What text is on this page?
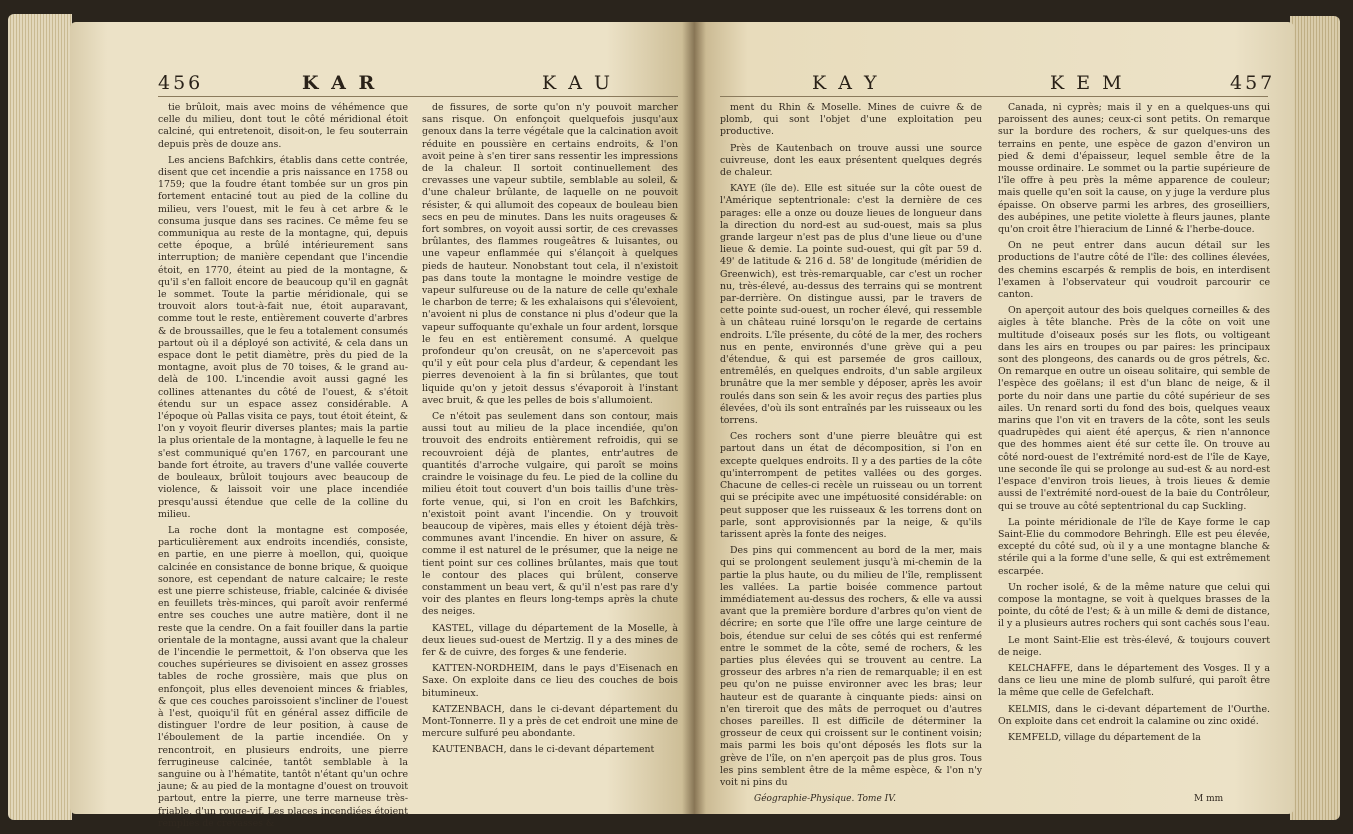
456	K A R	K A U

tie brûloit, mais avec moins de véhémence que celle du milieu, dont tout le côté méridional étoit calciné, qui entretenoit, disoit-on, le feu souterrain depuis près de douze ans.

Les anciens Bafchkirs, établis dans cette contrée, disent que cet incendie a pris naissance en 1758 ou 1759; que la foudre étant tombée sur un gros pin fortement entaciné tout au pied de la colline du milieu, vers l'ouest, mit le feu à cet arbre & le consuma jusque dans ses racines. Ce même feu se communiqua au reste de la montagne, qui, depuis cette époque, a brûlé intérieurement sans interruption; de manière cependant que l'incendie étoit, en 1770, éteint au pied de la montagne, & qu'il s'en falloit encore de beaucoup qu'il en gagnât le sommet. Toute la partie méridionale, qui se trouvoit alors tout-à-fait nue, étoit auparavant, comme tout le reste, entièrement couverte d'arbres & de broussailles, que le feu a totalement consumés partout où il a déployé son activité, & cela dans un espace dont le petit diamètre, près du pied de la montagne, avoit plus de 70 toises, & le grand au-delà de 100. L'incendie avoit aussi gagné les collines attenantes du côté de l'ouest, & s'étoit étendu sur un espace assez considérable. A l'époque où Pallas visita ce pays, tout étoit éteint, & l'on y voyoit fleurir diverses plantes; mais la partie la plus orientale de la montagne, à laquelle le feu ne s'est communiqué qu'en 1767, en parcourant une bande fort étroite, au travers d'une vallée couverte de bouleaux, brûloit toujours avec beaucoup de violence, & laissoit voir une place incendiée presqu'aussi étendue que celle de la colline du milieu.

La roche dont la montagne est composée, particulièrement aux endroits incendiés, consiste, en partie, en une pierre à moellon, qui, quoique calcinée en consistance de bonne brique, & quoique sonore, est cependant de nature calcaire; le reste est une pierre schisteuse, friable, calcinée & divisée en feuillets très-minces, qui paroît avoir renfermé entre ses couches une autre matière, dont il ne reste que la cendre. On a fait fouiller dans la partie orientale de la montagne, aussi avant que la chaleur de l'incendie le permettoit, & l'on observa que les couches supérieures se divisoient en assez grosses tables de roche grossière, mais que plus on enfonçoit, plus elles devenoient minces & friables, & que ces couches paroissoient s'incliner de l'ouest à l'est, quoiqu'il fût en général assez difficile de distinguer l'ordre de leur position, à cause de l'éboulement de la partie incendiée. On y rencontroit, en plusieurs endroits, une pierre ferrugineuse calcinée, tantôt semblable à la sanguine ou à l'hématite, tantôt n'étant qu'un ochre jaune; & au pied de la montagne d'ouest on trouvoit partout, entre la pierre, une terre marneuse très-friable, d'un rouge-vif. Les places incendiées étoient remplies de crevasses &

de fissures, de sorte qu'on n'y pouvoit marcher sans risque. On enfonçoit quelquefois jusqu'aux genoux dans la terre végétale que la calcination avoit réduite en poussière en certains endroits, & l'on avoit peine à s'en tirer sans ressentir les impressions de la chaleur. Il sortoit continuellement des crevasses une vapeur subtile, semblable au soleil, & d'une chaleur brûlante, de laquelle on ne pouvoit résister, & qui allumoit des copeaux de bouleau bien secs en peu de minutes. Dans les nuits orageuses & fort sombres, on voyoit aussi sortir, de ces crevasses brûlantes, des flammes rougeâtres & luisantes, ou une vapeur enflammée qui s'élançoit à quelques pieds de hauteur. Nonobstant tout cela, il n'existoit pas dans toute la montagne le moindre vestige de vapeur sulfureuse ou de la nature de celle qu'exhale le charbon de terre; & les exhalaisons qui s'élevoient, n'avoient ni plus de constance ni plus d'odeur que la vapeur suffoquante qu'exhale un four ardent, lorsque le feu en est entièrement consumé. A quelque profondeur qu'on creusât, on ne s'apercevoit pas qu'il y eût pour cela plus d'ardeur, & cependant les pierres devenoient à la fin si brûlantes, que tout liquide qu'on y jetoit dessus s'évaporoit à l'instant avec bruit, & que les pelles de bois s'allumoient.

Ce n'étoit pas seulement dans son contour, mais aussi tout au milieu de la place incendiée, qu'on trouvoit des endroits entièrement refroidis, qui se recouvroient déjà de plantes, entr'autres de quantités d'arroche vulgaire, qui paroît se moins craindre le voisinage du feu. Le pied de la colline du milieu étoit tout couvert d'un bois taillis d'une très-forte venue, qui, si l'on en croit les Bafchkirs, n'existoit point avant l'incendie. On y trouvoit beaucoup de vipères, mais elles y étoient déjà très-communes avant l'incendie. En hiver on assure, & comme il est naturel de le présumer, que la neige ne tient point sur ces collines brûlantes, mais que tout le contour des places qui brûlent, conserve constamment un beau vert, & qu'il n'est pas rare d'y voir des plantes en fleurs long-temps après la chute des neiges.

KASTEL, village du département de la Moselle, à deux lieues sud-ouest de Mertzig. Il y a des mines de fer & de cuivre, des forges & une fenderie.

KATTEN-NORDHEIM, dans le pays d'Eisenach en Saxe. On exploite dans ce lieu des couches de bois bitumineux.

KATZENBACH, dans le ci-devant département du Mont-Tonnerre. Il y a près de cet endroit une mine de mercure sulfuré peu abondante.

KAUTENBACH, dans le ci-devant département

K A Y	K E M	457

ment du Rhin & Moselle. Mines de cuivre & de plomb, qui sont l'objet d'une exploitation peu productive.

Près de Kautenbach on trouve aussi une source cuivreuse, dont les eaux présentent quelques degrés de chaleur.

KAYE (île de). Elle est située sur la côte ouest de l'Amérique septentrionale: c'est la dernière de ces parages: elle a onze ou douze lieues de longueur dans la direction du nord-est au sud-ouest, mais sa plus grande largeur n'est pas de plus d'une lieue ou d'une lieue & demie. La pointe sud-ouest, qui gît par 59 d. 49' de latitude & 216 d. 58' de longitude (méridien de Greenwich), est très-remarquable, car c'est un rocher nu, très-élevé, au-dessus des terrains qui se montrent par-derrière. On distingue aussi, par le travers de cette pointe sud-ouest, un rocher élevé, qui ressemble à un château ruiné lorsqu'on le regarde de certains endroits. L'île présente, du côté de la mer, des rochers nus en pente, environnés d'une grève qui a peu d'étendue, & qui est parsemée de gros cailloux, entremêlés, en quelques endroits, d'un sable argileux brunâtre que la mer semble y déposer, après les avoir roulés dans son sein & les avoir reçus des parties plus élevées, d'où ils sont entraînés par les ruisseaux ou les torrens.

Ces rochers sont d'une pierre bleuâtre qui est partout dans un état de décomposition, si l'on en excepte quelques endroits. Il y a des parties de la côte qu'interrompent de petites vallées ou des gorges. Chacune de celles-ci recèle un ruisseau ou un torrent qui se précipite avec une impétuosité considérable: on peut supposer que les ruisseaux & les torrens dont on parle, sont approvisionnés par la neige, & qu'ils tarissent après la fonte des neiges.

Des pins qui commencent au bord de la mer, mais qui se prolongent seulement jusqu'à mi-chemin de la partie la plus haute, ou du milieu de l'île, remplissent les vallées. La partie boisée commence partout immédiatement au-dessus des rochers, & elle va aussi avant que la première bordure d'arbres qu'on vient de décrire; en sorte que l'île offre une large ceinture de bois, étendue sur celui de ses côtés qui est renfermé entre le sommet de la côte, semé de rochers, & les parties plus élevées qui se trouvent au centre. La grosseur des arbres n'a rien de remarquable; il en est peu qu'on ne puisse environner avec les bras; leur hauteur est de quarante à cinquante pieds: ainsi on n'en tireroit que des mâts de perroquet ou d'autres choses pareilles. Il est difficile de déterminer la grosseur de ceux qui croissent sur le continent voisin; mais parmi les bois qu'ont déposés les flots sur la grève de l'île, on n'en aperçoit pas de plus gros. Tous les pins semblent être de la même espèce, & l'on n'y voit ni pins du

Géographie-Physique. Tome IV.

Canada, ni cyprès; mais il y en a quelques-uns qui paroissent des aunes; ceux-ci sont petits. On remarque sur la bordure des rochers, & sur quelques-uns des terrains en pente, une espèce de gazon d'environ un pied & demi d'épaisseur, lequel semble être de la mousse ordinaire. Le sommet ou la partie supérieure de l'île offre à peu près la même apparence de couleur; mais quelle qu'en soit la cause, on y juge la verdure plus épaisse. On observe parmi les arbres, des groseilliers, des aubépines, une petite violette à fleurs jaunes, plante qu'on croit être l'hieracium de Linné & l'herbe-douce.

On ne peut entrer dans aucun détail sur les productions de l'autre côté de l'île: des collines élevées, des chemins escarpés & remplis de bois, en interdisent l'examen à l'observateur qui voudroit parcourir ce canton.

On aperçoit autour des bois quelques corneilles & des aigles à tête blanche. Près de la côte on voit une multitude d'oiseaux posés sur les flots, ou voltigeant dans les airs en troupes ou par paires: les principaux sont des plongeons, des canards ou de gros pétrels, &c. On remarque en outre un oiseau solitaire, qui semble de l'espèce des goëlans; il est d'un blanc de neige, & il porte du noir dans une partie du côté supérieur de ses ailes. Un renard sorti du fond des bois, quelques veaux marins que l'on vit en travers de la côte, sont les seuls quadrupèdes qui aient été aperçus, & rien n'annonce que des hommes aient été sur cette île. On trouve au côté nord-ouest de l'extrémité nord-est de l'île de Kaye, une seconde île qui se prolonge au sud-est & au nord-est l'espace d'environ trois lieues, à trois lieues & demie aussi de l'extrémité nord-ouest de la baie du Contrôleur, qui se trouve au côté septentrional du cap Suckling.

La pointe méridionale de l'île de Kaye forme le cap Saint-Elie du commodore Behringh. Elle est peu élevée, excepté du côté sud, où il y a une montagne blanche & stérile qui a la forme d'une selle, & qui est extrêmement escarpée.

Un rocher isolé, & de la même nature que celui qui compose la montagne, se voit à quelques brasses de la pointe, du côté de l'est; & à un mille & demi de distance, il y a plusieurs autres rochers qui sont cachés sous l'eau.

Le mont Saint-Elie est très-élevé, & toujours couvert de neige.

KELCHAFFE, dans le département des Vosges. Il y a dans ce lieu une mine de plomb sulfuré, qui paroît être la même que celle de Gefelchaft.

KELMIS, dans le ci-devant département de l'Ourthe. On exploite dans cet endroit la calamine ou zinc oxidé.

KEMFELD, village du département de la

M mm
